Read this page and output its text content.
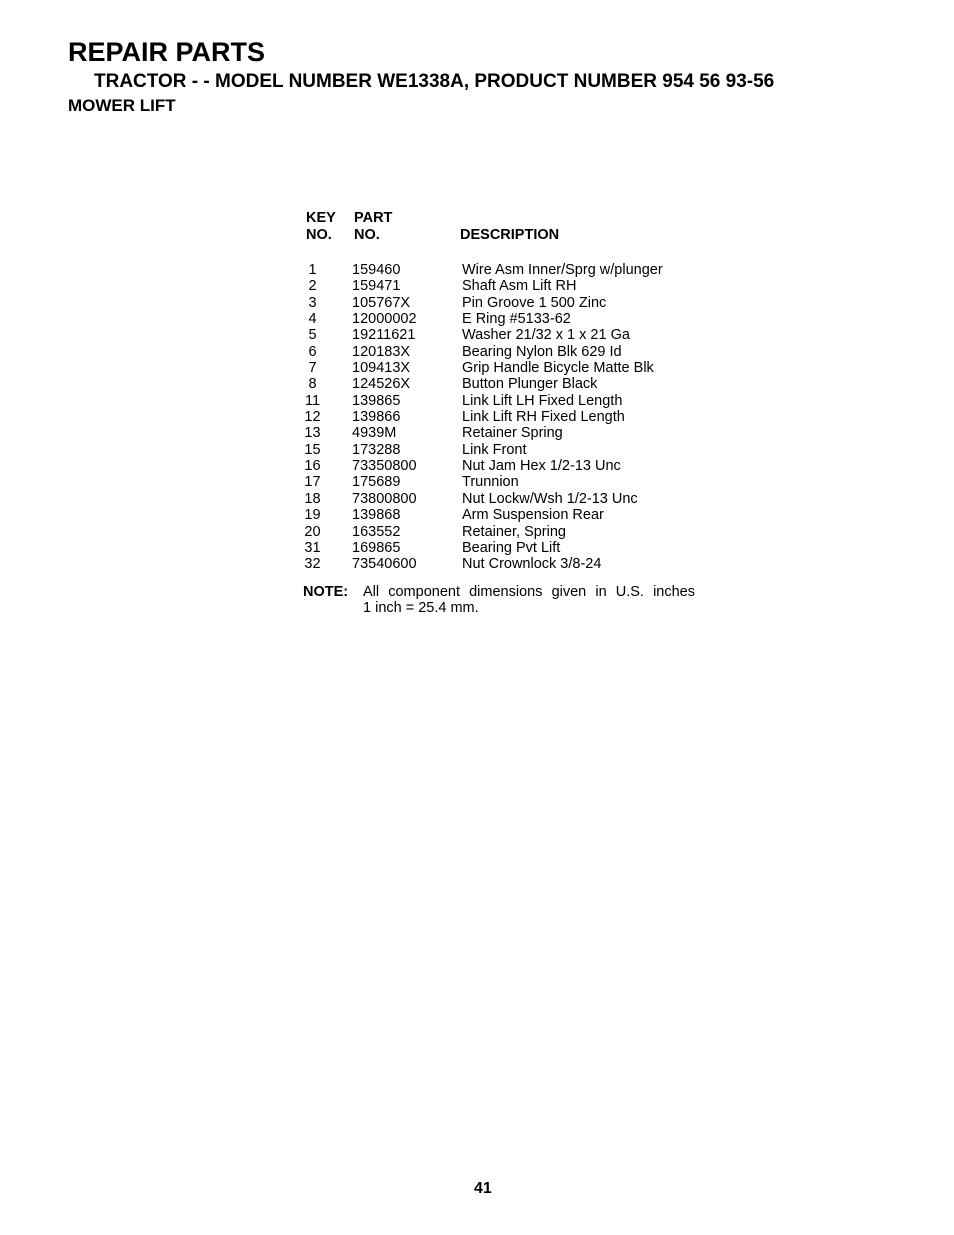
REPAIR PARTS
TRACTOR - - MODEL NUMBER WE1338A, PRODUCT NUMBER 954 56 93-56
MOWER LIFT
KEY
NO.
PART
NO.	DESCRIPTION
1	159460	Wire Asm Inner/Sprg w/plunger
2	159471	Shaft Asm Lift RH
3	105767X	Pin Groove 1 500 Zinc
4	12000002	E Ring #5133-62
5	19211621	Washer 21/32 x 1 x 21 Ga
6	120183X	Bearing Nylon Blk 629 Id
7	109413X	Grip Handle Bicycle Matte Blk
8	124526X	Button Plunger Black
11	139865	Link Lift LH Fixed Length
12	139866	Link Lift RH Fixed Length
13	4939M	Retainer Spring
15	173288	Link Front
16	73350800	Nut Jam Hex 1/2-13 Unc
17	175689	Trunnion
18	73800800	Nut Lockw/Wsh 1/2-13 Unc
19	139868	Arm Suspension Rear
20	163552	Retainer, Spring
31	169865	Bearing Pvt Lift
32	73540600	Nut Crownlock 3/8-24
NOTE: All component dimensions given in U.S. inches
1 inch = 25.4 mm.
41
